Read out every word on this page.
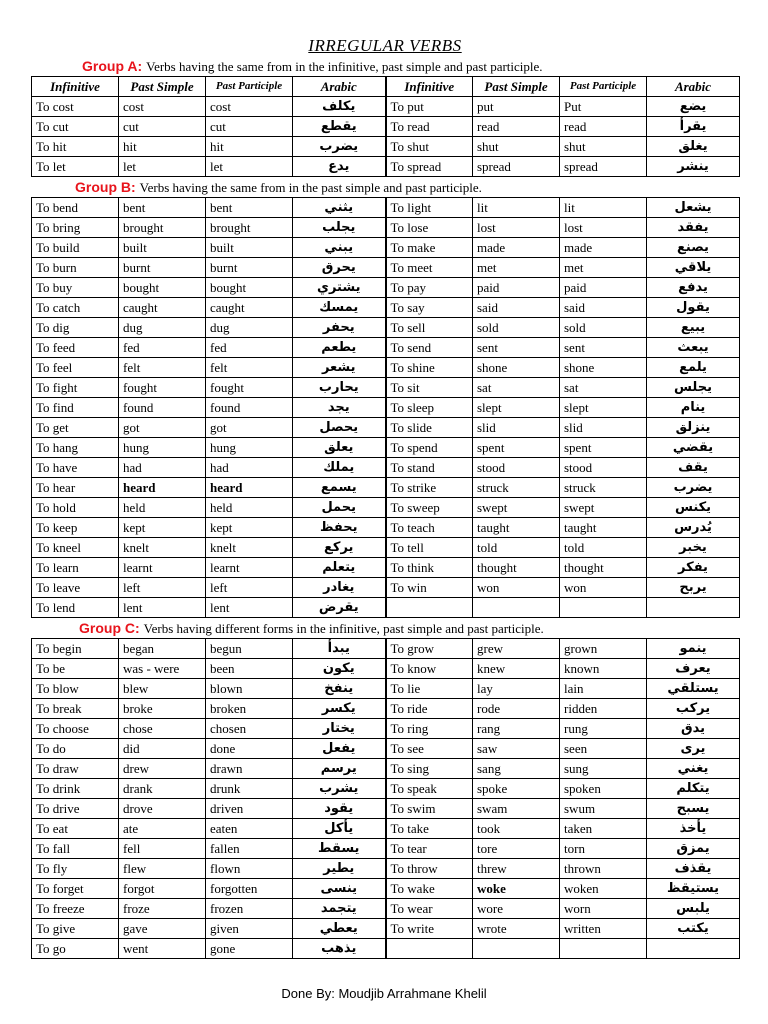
IRREGULAR VERBS
Group A: Verbs having the same from in the infinitive, past simple and past participle.
Infinitive	Past Simple	Past Participle	Arabic	Infinitive	Past Simple	Past Participle	Arabic
To cost	cost	cost	يكلف	To put	put	Put	يضع
To cut	cut	cut	يقطع	To read	read	read	يقرأ
To hit	hit	hit	يضرب	To shut	shut	shut	يغلق
To let	let	let	يدع	To spread	spread	spread	ينشر
Group B: Verbs having the same from in the past simple and past participle.
To bend	bent	bent	يثني	To light	lit	lit	يشعل
To bring	brought	brought	يجلب	To lose	lost	lost	يفقد
To build	built	built	يبني	To make	made	made	يصنع
To burn	burnt	burnt	يحرق	To meet	met	met	يلاقي
To buy	bought	bought	يشتري	To pay	paid	paid	يدفع
To catch	caught	caught	يمسك	To say	said	said	يقول
To dig	dug	dug	يحفر	To sell	sold	sold	يبيع
To feed	fed	fed	يطعم	To send	sent	sent	يبعث
To feel	felt	felt	يشعر	To shine	shone	shone	يلمع
To fight	fought	fought	يحارب	To sit	sat	sat	يجلس
To find	found	found	يجد	To sleep	slept	slept	ينام
To get	got	got	يحصل	To slide	slid	slid	ينزلق
To hang	hung	hung	يعلق	To spend	spent	spent	يقضي
To have	had	had	يملك	To stand	stood	stood	يقف
To hear	heard	heard	يسمع	To strike	struck	struck	يضرب
To hold	held	held	يحمل	To sweep	swept	swept	يكنس
To keep	kept	kept	يحفظ	To teach	taught	taught	يُدرس
To kneel	knelt	knelt	يركع	To tell	told	told	يخبر
To learn	learnt	learnt	يتعلم	To think	thought	thought	يفكر
To leave	left	left	يغادر	To win	won	won	يربح
To lend	lent	lent	يقرض				
Group C: Verbs having different forms in the infinitive, past simple and past participle.
To begin	began	begun	يبدأ	To grow	grew	grown	ينمو
To be	was - were	been	يكون	To know	knew	known	يعرف
To blow	blew	blown	ينفخ	To lie	lay	lain	يستلقي
To break	broke	broken	يكسر	To ride	rode	ridden	يركب
To choose	chose	chosen	يختار	To ring	rang	rung	يدق
To do	did	done	يفعل	To see	saw	seen	يرى
To draw	drew	drawn	يرسم	To sing	sang	sung	يغني
To drink	drank	drunk	يشرب	To speak	spoke	spoken	يتكلم
To drive	drove	driven	يقود	To swim	swam	swum	يسبح
To eat	ate	eaten	يأكل	To take	took	taken	يأخذ
To fall	fell	fallen	يسقط	To tear	tore	torn	يمزق
To fly	flew	flown	يطير	To throw	threw	thrown	يقذف
To forget	forgot	forgotten	ينسى	To wake	woke	woken	يستيقظ
To freeze	froze	frozen	يتجمد	To wear	wore	worn	يلبس
To give	gave	given	يعطي	To write	wrote	written	يكتب
To go	went	gone	يذهب				
Done By: Moudjib Arrahmane Khelil
